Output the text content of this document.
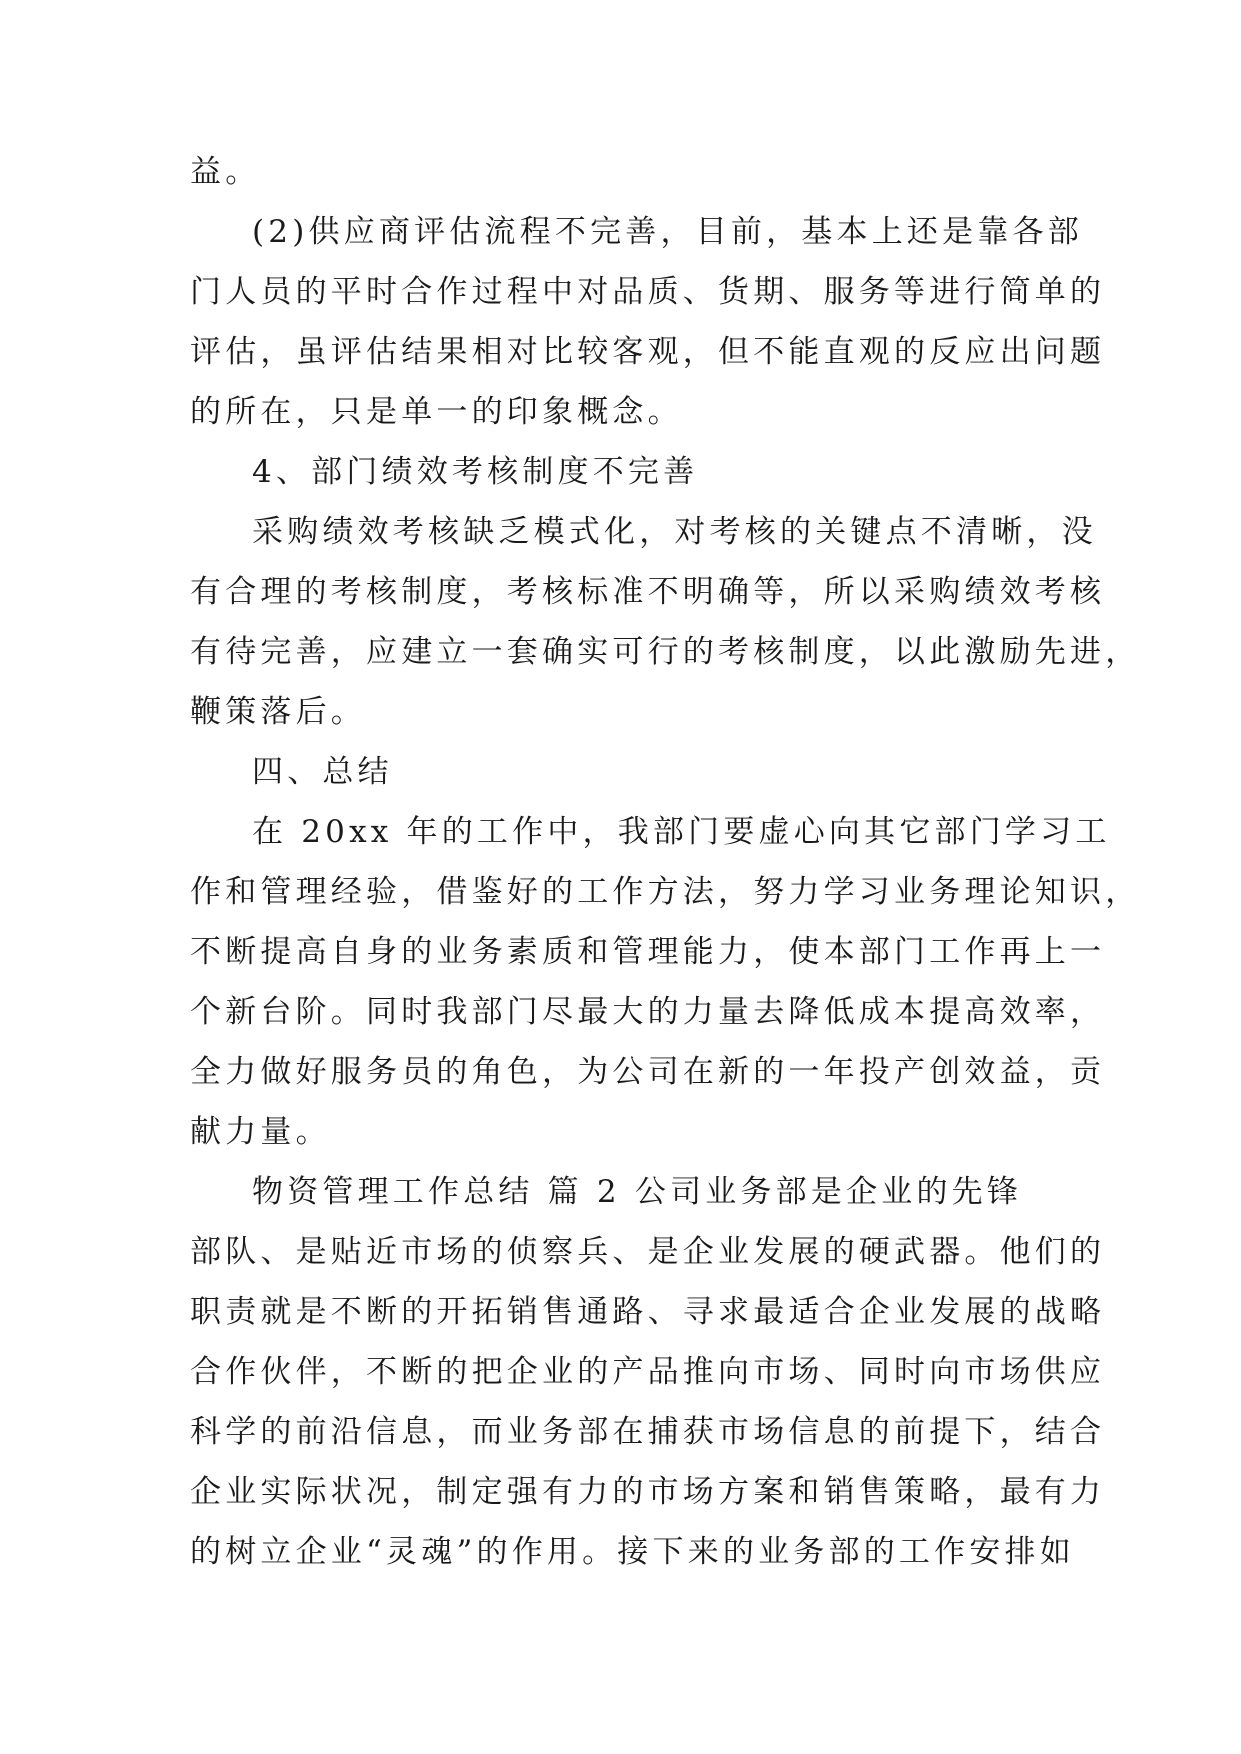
益。
(2)供应商评估流程不完善，目前，基本上还是靠各部
门人员的平时合作过程中对品质、货期、服务等进行简单的
评估，虽评估结果相对比较客观，但不能直观的反应出问题
的所在，只是单一的印象概念。
4、部门绩效考核制度不完善
采购绩效考核缺乏模式化，对考核的关键点不清晰，没
有合理的考核制度，考核标准不明确等，所以采购绩效考核
有待完善，应建立一套确实可行的考核制度，以此激励先进，
鞭策落后。
四、总结
在 20xx 年的工作中，我部门要虚心向其它部门学习工
作和管理经验，借鉴好的工作方法，努力学习业务理论知识，
不断提高自身的业务素质和管理能力，使本部门工作再上一
个新台阶。同时我部门尽最大的力量去降低成本提高效率，
全力做好服务员的角色，为公司在新的一年投产创效益，贡
献力量。
物资管理工作总结 篇 2 公司业务部是企业的先锋
部队、是贴近市场的侦察兵、是企业发展的硬武器。他们的
职责就是不断的开拓销售通路、寻求最适合企业发展的战略
合作伙伴，不断的把企业的产品推向市场、同时向市场供应
科学的前沿信息，而业务部在捕获市场信息的前提下，结合
企业实际状况，制定强有力的市场方案和销售策略，最有力
的树立企业“灵魂”的作用。接下来的业务部的工作安排如
